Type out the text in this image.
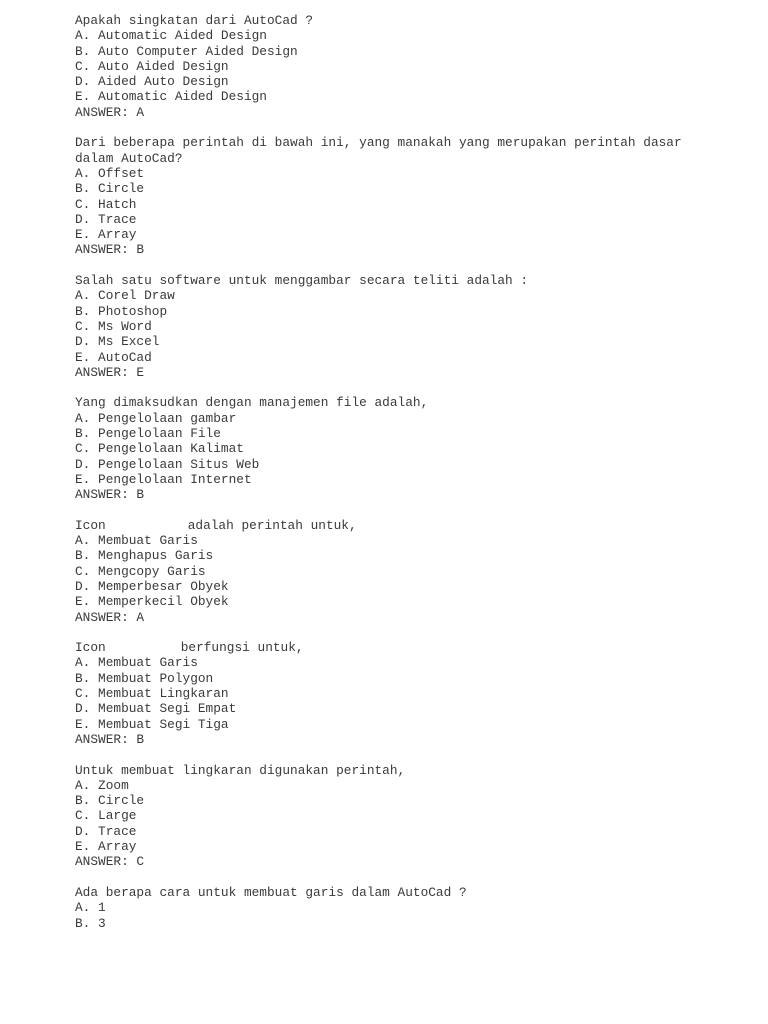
Apakah singkatan dari AutoCad ?
A. Automatic Aided Design
B. Auto Computer Aided Design
C. Auto Aided Design
D. Aided Auto Design
E. Automatic Aided Design
ANSWER: A
Dari beberapa perintah di bawah ini, yang manakah yang merupakan perintah dasar
dalam AutoCad?
A. Offset
B. Circle
C. Hatch
D. Trace
E. Array
ANSWER: B
Salah satu software untuk menggambar secara teliti adalah :
A. Corel Draw
B. Photoshop
C. Ms Word
D. Ms Excel
E. AutoCad
ANSWER: E
Yang dimaksudkan dengan manajemen file adalah,
A. Pengelolaan gambar
B. Pengelolaan File
C. Pengelolaan Kalimat
D. Pengelolaan Situs Web
E. Pengelolaan Internet
ANSWER: B
Icon	adalah perintah untuk,
A. Membuat Garis
B. Menghapus Garis
C. Mengcopy Garis
D. Memperbesar Obyek
E. Memperkecil Obyek
ANSWER: A
Icon	berfungsi untuk,
A. Membuat Garis
B. Membuat Polygon
C. Membuat Lingkaran
D. Membuat Segi Empat
E. Membuat Segi Tiga
ANSWER: B
Untuk membuat lingkaran digunakan perintah,
A. Zoom
B. Circle
C. Large
D. Trace
E. Array
ANSWER: C
Ada berapa cara untuk membuat garis dalam AutoCad ?
A. 1
B. 3
